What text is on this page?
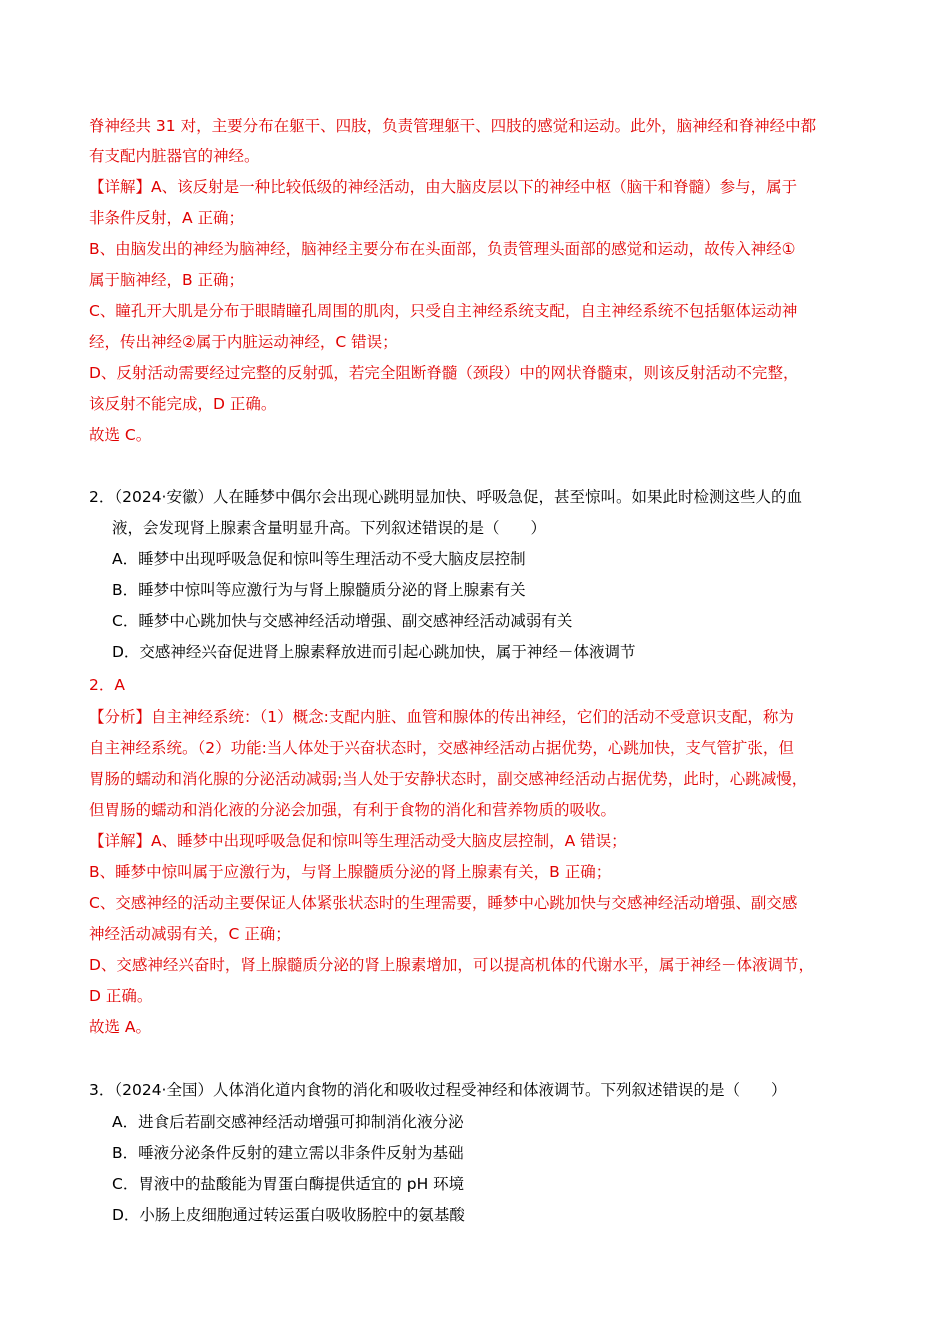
脊神经共 31 对，主要分布在躯干、四肢，负责管理躯干、四肢的感觉和运动。此外，脑神经和脊神经中都
有支配内脏器官的神经。
【详解】A、该反射是一种比较低级的神经活动，由大脑皮层以下的神经中枢（脑干和脊髓）参与，属于
非条件反射，A 正确；
B、由脑发出的神经为脑神经，脑神经主要分布在头面部，负责管理头面部的感觉和运动，故传入神经①
属于脑神经，B 正确；
C、瞳孔开大肌是分布于眼睛瞳孔周围的肌肉，只受自主神经系统支配，自主神经系统不包括躯体运动神
经，传出神经②属于内脏运动神经，C 错误；
D、反射活动需要经过完整的反射弧，若完全阻断脊髓（颈段）中的网状脊髓束，则该反射活动不完整，
该反射不能完成，D 正确。
故选 C。
2．（2024·安徽）人在睡梦中偶尔会出现心跳明显加快、呼吸急促，甚至惊叫。如果此时检测这些人的血
液，会发现肾上腺素含量明显升高。下列叙述错误的是（　　）
A．睡梦中出现呼吸急促和惊叫等生理活动不受大脑皮层控制
B．睡梦中惊叫等应激行为与肾上腺髓质分泌的肾上腺素有关
C．睡梦中心跳加快与交感神经活动增强、副交感神经活动减弱有关
D．交感神经兴奋促进肾上腺素释放进而引起心跳加快，属于神经－体液调节
2．A
【分析】自主神经系统：（1）概念:支配内脏、血管和腺体的传出神经，它们的活动不受意识支配，称为
自主神经系统。（2）功能:当人体处于兴奋状态时，交感神经活动占据优势，心跳加快，支气管扩张，但
胃肠的蠕动和消化腺的分泌活动减弱;当人处于安静状态时，副交感神经活动占据优势，此时，心跳减慢，
但胃肠的蠕动和消化液的分泌会加强，有利于食物的消化和营养物质的吸收。
【详解】A、睡梦中出现呼吸急促和惊叫等生理活动受大脑皮层控制，A 错误；
B、睡梦中惊叫属于应激行为，与肾上腺髓质分泌的肾上腺素有关，B 正确；
C、交感神经的活动主要保证人体紧张状态时的生理需要，睡梦中心跳加快与交感神经活动增强、副交感
神经活动减弱有关，C 正确；
D、交感神经兴奋时，肾上腺髓质分泌的肾上腺素增加，可以提高机体的代谢水平，属于神经－体液调节，
D 正确。
故选 A。
3．（2024·全国）人体消化道内食物的消化和吸收过程受神经和体液调节。下列叙述错误的是（　　）
A．进食后若副交感神经活动增强可抑制消化液分泌
B．唾液分泌条件反射的建立需以非条件反射为基础
C．胃液中的盐酸能为胃蛋白酶提供适宜的 pH 环境
D．小肠上皮细胞通过转运蛋白吸收肠腔中的氨基酸
